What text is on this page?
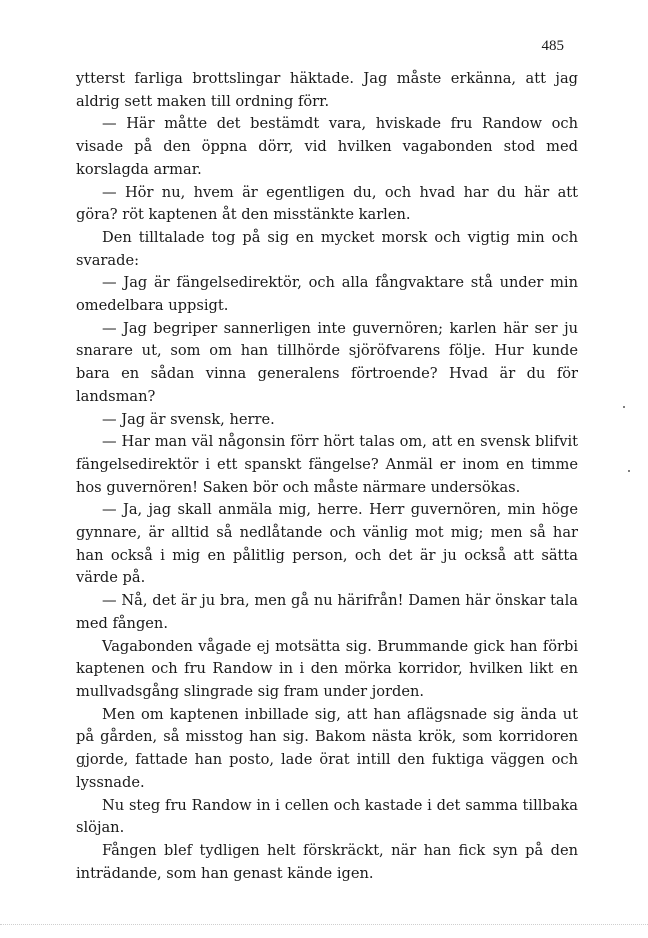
485

ytterst farliga brottslingar häktade. Jag måste erkänna, att jag aldrig sett maken till ordning förr.

— Här måtte det bestämdt vara, hviskade fru Randow och visade på den öppna dörr, vid hvilken vagabonden stod med korslagda armar.

— Hör nu, hvem är egentligen du, och hvad har du här att göra? röt kaptenen åt den misstänkte karlen.

Den tilltalade tog på sig en mycket morsk och vigtig min och svarade:

— Jag är fängelsedirektör, och alla fångvaktare stå under min omedelbara uppsigt.

— Jag begriper sannerligen inte guvernören; karlen här ser ju snarare ut, som om han tillhörde sjöröfvarens följe. Hur kunde bara en sådan vinna generalens förtroende? Hvad är du för landsman?

— Jag är svensk, herre.

— Har man väl någonsin förr hört talas om, att en svensk blifvit fängelsedirektör i ett spanskt fängelse? Anmäl er inom en timme hos guvernören! Saken bör och måste närmare undersökas.

— Ja, jag skall anmäla mig, herre. Herr guvernören, min höge gynnare, är alltid så nedlåtande och vänlig mot mig; men så har han också i mig en pålitlig person, och det är ju också att sätta värde på.

— Nå, det är ju bra, men gå nu härifrån! Damen här önskar tala med fången.

Vagabonden vågade ej motsätta sig. Brummande gick han förbi kaptenen och fru Randow in i den mörka korridor, hvilken likt en mullvadsgång slingrade sig fram under jorden.

Men om kaptenen inbillade sig, att han aflägsnade sig ända ut på gården, så misstog han sig. Bakom nästa krök, som korridoren gjorde, fattade han posto, lade örat intill den fuktiga väggen och lyssnade.

Nu steg fru Randow in i cellen och kastade i det samma tillbaka slöjan.

Fången blef tydligen helt förskräckt, när han fick syn på den inträdande, som han genast kände igen.
